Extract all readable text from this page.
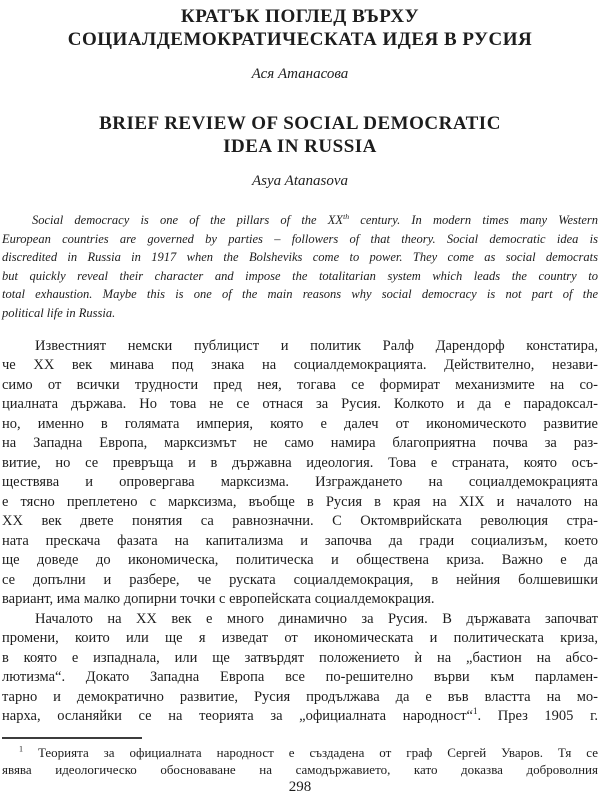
КРАТЪК ПОГЛЕД ВЪРХУ
СОЦИАЛДЕМОКРАТИЧЕСКАТА ИДЕЯ В РУСИЯ
Ася Атанасова
BRIEF REVIEW OF SOCIAL DEMOCRATIC
IDEA IN RUSSIA
Asya Atanasova
Social democracy is one of the pillars of the XXth century. In modern times many Western
European countries are governed by parties – followers of that theory. Social democratic idea is
discredited in Russia in 1917 when the Bolsheviks come to power. They come as social democrats
but quickly reveal their character and impose the totalitarian system which leads the country to
total exhaustion. Maybe this is one of the main reasons why social democracy is not part of the
political life in Russia.
Известният немски публицист и политик Ралф Дарендорф констатира,
че ХХ век минава под знака на социалдемокрацията. Действително, незави-
симо от всички трудности пред нея, тогава се формират механизмите на со-
циалната държава. Но това не се отнася за Русия. Колкото и да е парадоксал-
но, именно в голямата империя, която е далеч от икономическото развитие
на Западна Европа, марксизмът не само намира благоприятна почва за раз-
витие, но се превръща и в държавна идеология. Това е страната, която осъ-
ществява и опровергава марксизма. Изграждането на социалдемокрацията
е тясно преплетено с марксизма, въобще в Русия в края на XIX и началото на
ХХ век двете понятия са равнозначни. С Октомврийската революция стра-
ната прескача фазата на капитализма и започва да гради социализъм, което
ще доведе до икономическа, политическа и обществена криза. Важно е да
се допълни и разбере, че руската социалдемокрация, в нейния болшевишки
вариант, има малко допирни точки с европейската социалдемокрация.
Началото на ХХ век е много динамично за Русия. В държавата започват
промени, които или ще я изведат от икономическата и политическата криза,
в която е изпаднала, или ще затвърдят положението ѝ на „бастион на абсо-
лютизма“. Докато Западна Европа все по-решително върви към парламен-
тарно и демократично развитие, Русия продължава да е във властта на мо-
нарха, осланяйки се на теорията за „официалната народност“$^1$. През 1905 г.
$^1$ Теорията за официалната народност е създадена от граф Сергей Уваров. Тя се
явява идеологическо обосноваване на самодържавието, като доказва доброволния
298
